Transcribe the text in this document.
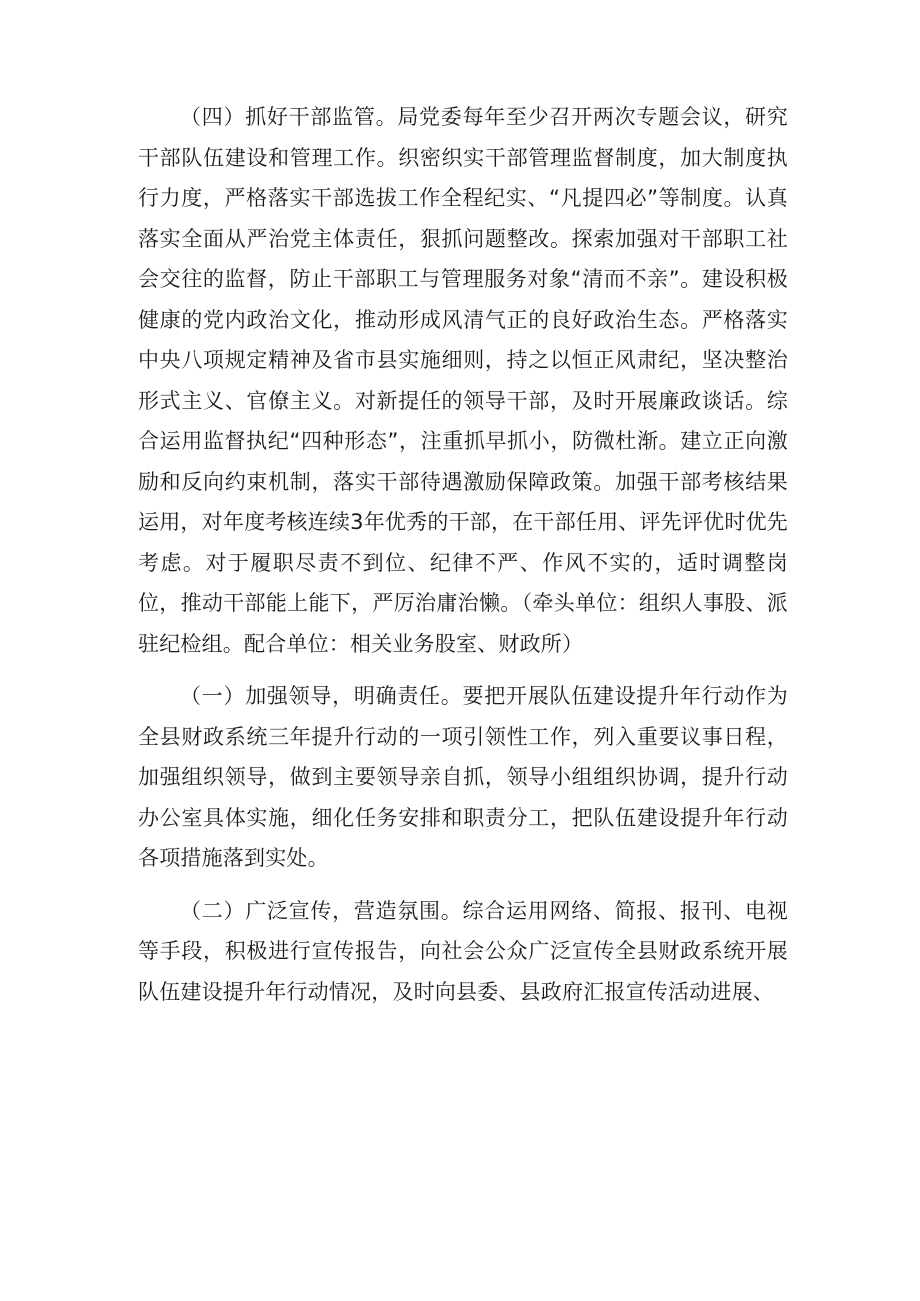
（四）抓好干部监管。局党委每年至少召开两次专题会议，研究干部队伍建设和管理工作。织密织实干部管理监督制度，加大制度执行力度，严格落实干部选拔工作全程纪实、“凡提四必”等制度。认真落实全面从严治党主体责任，狠抓问题整改。探索加强对干部职工社会交往的监督，防止干部职工与管理服务对象“清而不亲”。建设积极健康的党内政治文化，推动形成风清气正的良好政治生态。严格落实中央八项规定精神及省市县实施细则，持之以恒正风肃纪，坚决整治形式主义、官僚主义。对新提任的领导干部，及时开展廉政谈话。综合运用监督执纪“四种形态”，注重抓早抓小，防微杜渐。建立正向激励和反向约束机制，落实干部待遇激励保障政策。加强干部考核结果运用，对年度考核连续3年优秀的干部，在干部任用、评先评优时优先考虑。对于履职尽责不到位、纪律不严、作风不实的，适时调整岗位，推动干部能上能下，严厉治庸治懒。（牵头单位：组织人事股、派驻纪检组。配合单位：相关业务股室、财政所）

（一）加强领导，明确责任。要把开展队伍建设提升年行动作为全县财政系统三年提升行动的一项引领性工作，列入重要议事日程，加强组织领导，做到主要领导亲自抓，领导小组组织协调，提升行动办公室具体实施，细化任务安排和职责分工，把队伍建设提升年行动各项措施落到实处。

（二）广泛宣传，营造氛围。综合运用网络、简报、报刊、电视等手段，积极进行宣传报告，向社会公众广泛宣传全县财政系统开展队伍建设提升年行动情况，及时向县委、县政府汇报宣传活动进展、
